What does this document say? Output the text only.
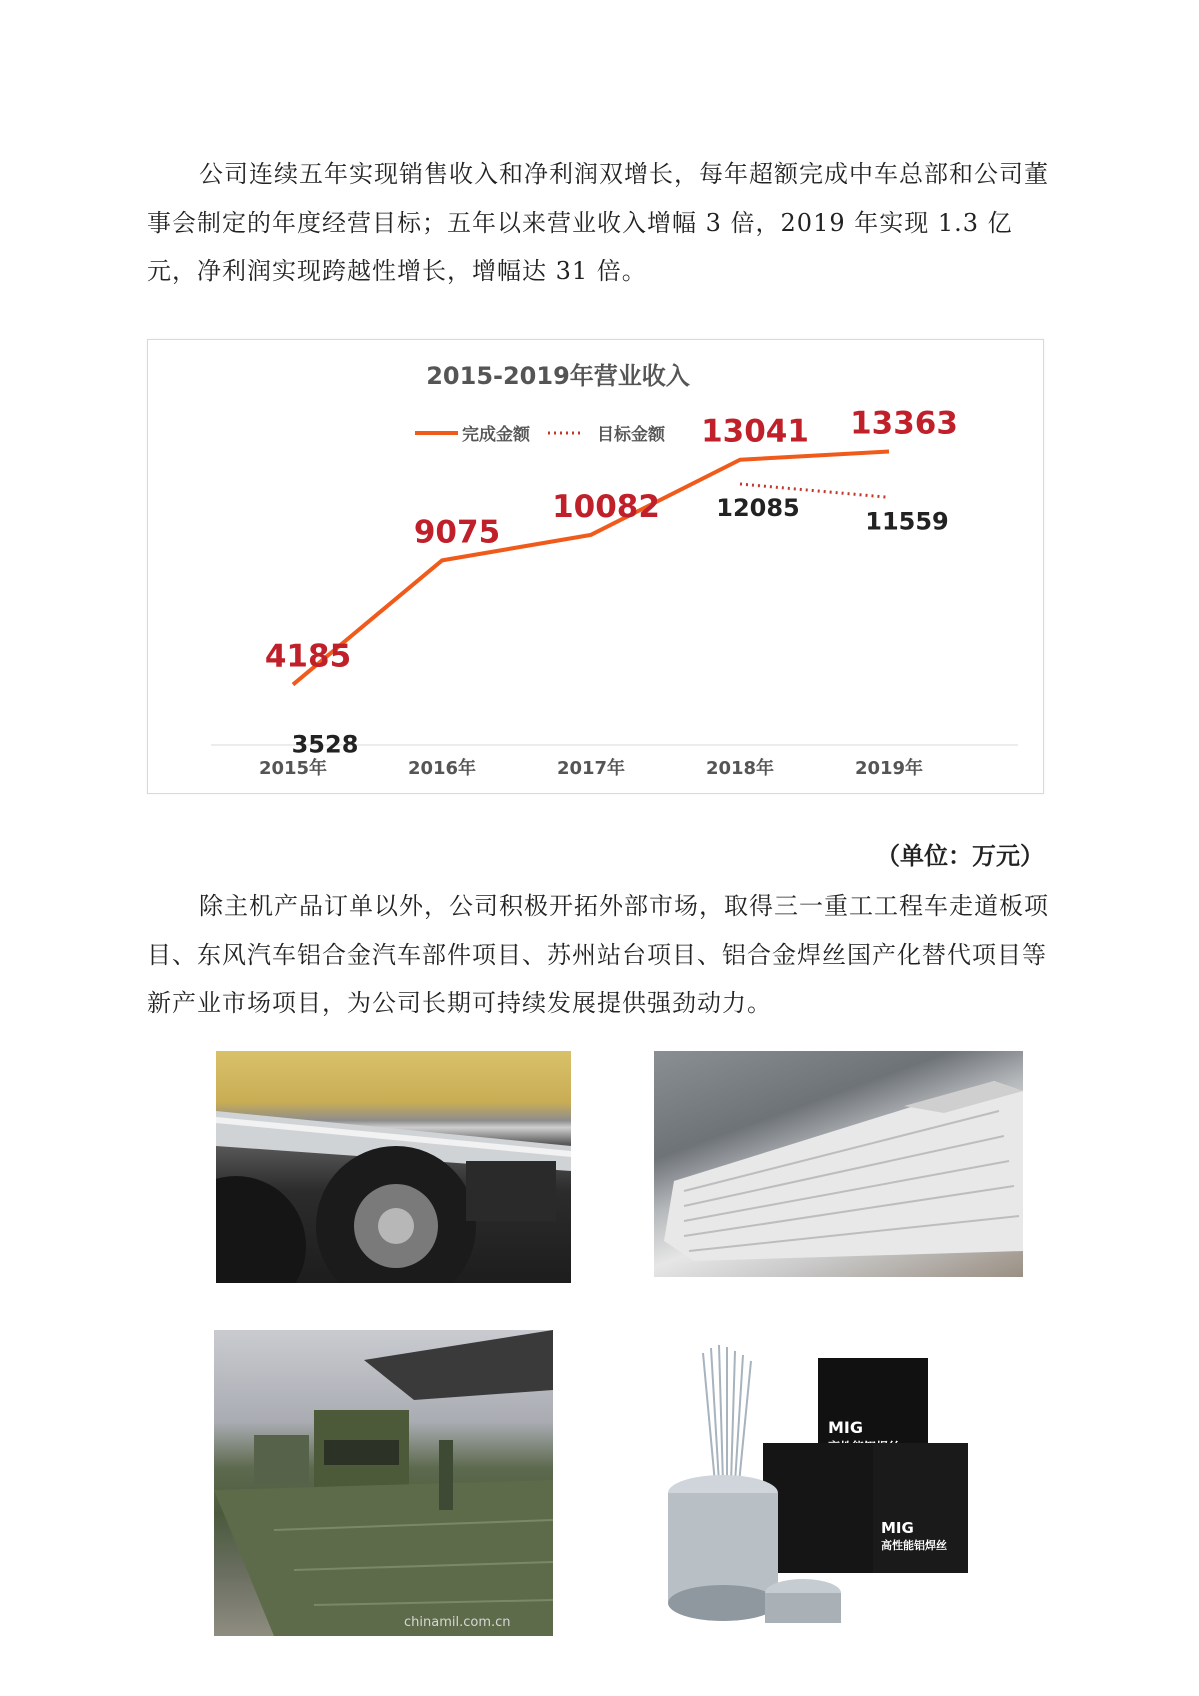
公司连续五年实现销售收入和净利润双增长，每年超额完成中车总部和公司董事会制定的年度经营目标；五年以来营业收入增幅 3 倍，2019 年实现 1.3 亿元，净利润实现跨越性增长，增幅达 31 倍。

2015-2019年营业收入
完成金额	目标金额
4185
9075
10082
13041 13363
12085	11559
3528
2015年	2016年	2017年	2018年	2019年
（单位：万元）

除主机产品订单以外，公司积极开拓外部市场，取得三一重工工程车走道板项目、东风汽车铝合金汽车部件项目、苏州站台项目、铝合金焊丝国产化替代项目等新产业市场项目，为公司长期可持续发展提供强劲动力。

chinamil.com.cn
MIG
MIG
高性能铝焊丝
